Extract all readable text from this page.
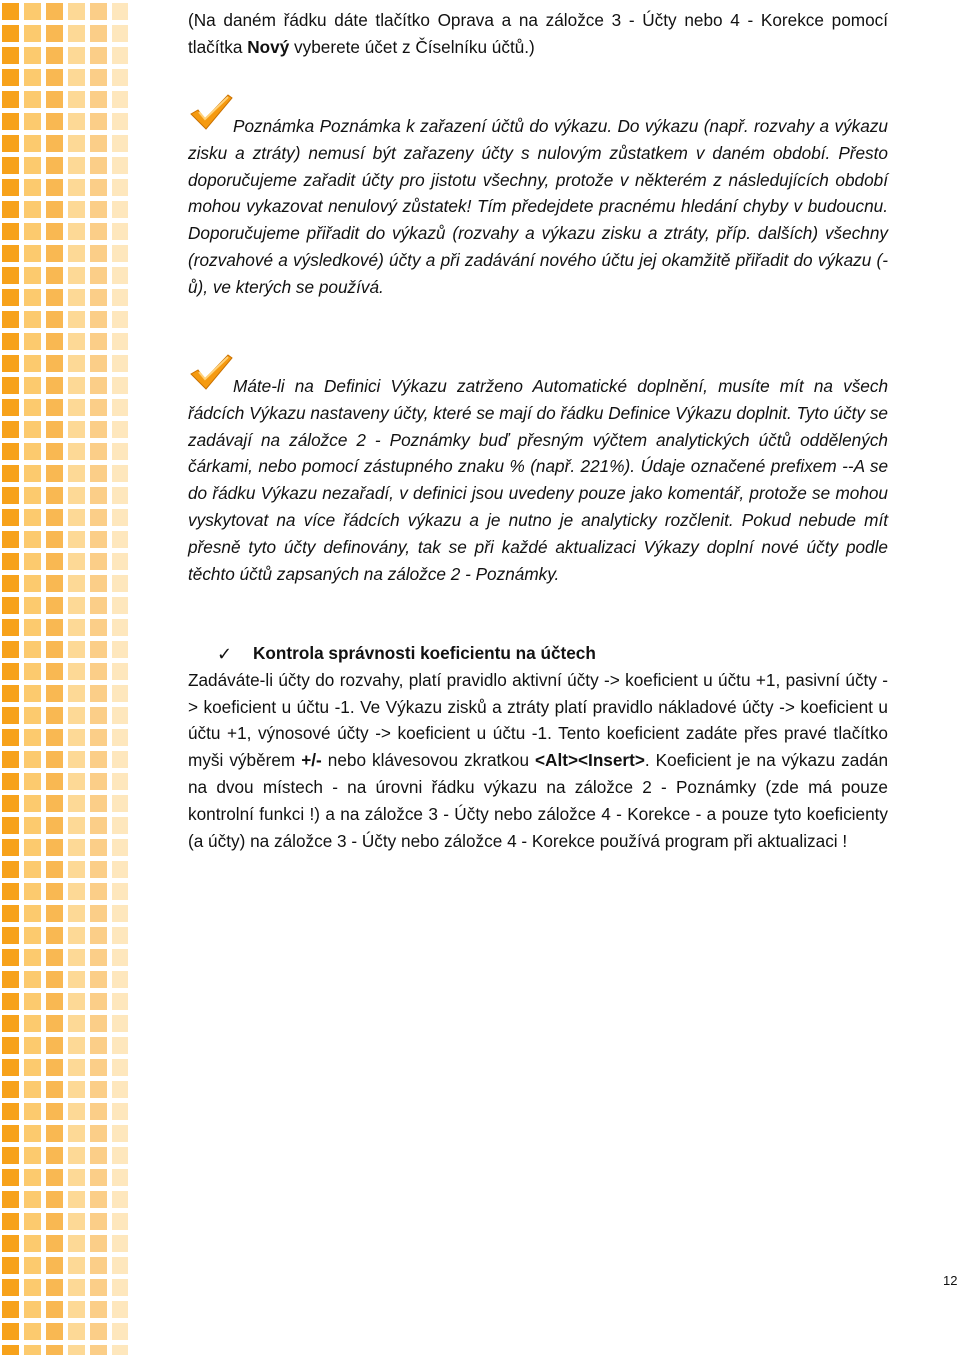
(Na daném řádku dáte tlačítko Oprava a na záložce 3 - Účty nebo 4 - Korekce pomocí tlačítka Nový vyberete účet z Číselníku účtů.)

Poznámka Poznámka k zařazení účtů do výkazu. Do výkazu (např. rozvahy a výkazu zisku a ztráty) nemusí být zařazeny účty s nulovým zůstatkem v daném období. Přesto doporučujeme zařadit účty pro jistotu všechny, protože v některém z následujících období mohou vykazovat nenulový zůstatek! Tím předejdete pracnému hledání chyby v budoucnu. Doporučujeme přiřadit do výkazů (rozvahy a výkazu zisku a ztráty, příp. dalších) všechny (rozvahové a výsledkové) účty a při zadávání nového účtu jej okamžitě přiřadit do výkazu (-ů), ve kterých se používá.

Máte-li na Definici Výkazu zatrženo Automatické doplnění, musíte mít na všech řádcích Výkazu nastaveny účty, které se mají do řádku Definice Výkazu doplnit. Tyto účty se zadávají na záložce 2 - Poznámky buď přesným výčtem analytických účtů oddělených čárkami, nebo pomocí zástupného znaku % (např. 221%). Údaje označené prefixem --A se do řádku Výkazu nezařadí, v definici jsou uvedeny pouze jako komentář, protože se mohou vyskytovat na více řádcích výkazu a je nutno je analyticky rozčlenit. Pokud nebude mít přesně tyto účty definovány, tak se při každé aktualizaci Výkazy doplní nové účty podle těchto účtů zapsaných na záložce 2 - Poznámky.

✓ Kontrola správnosti koeficientu na účtech

Zadáváte-li účty do rozvahy, platí pravidlo aktivní účty -> koeficient u účtu +1, pasivní účty -> koeficient u účtu -1. Ve Výkazu zisků a ztráty platí pravidlo nákladové účty -> koeficient u účtu +1, výnosové účty -> koeficient u účtu -1. Tento koeficient zadáte přes pravé tlačítko myši výběrem +/- nebo klávesovou zkratkou <Alt><Insert>. Koeficient je na výkazu zadán na dvou místech - na úrovni řádku výkazu na záložce 2 - Poznámky (zde má pouze kontrolní funkci !) a na záložce 3 - Účty nebo záložce 4 - Korekce - a pouze tyto koeficienty (a účty) na záložce 3 - Účty nebo záložce 4 - Korekce používá program při aktualizaci !

12
